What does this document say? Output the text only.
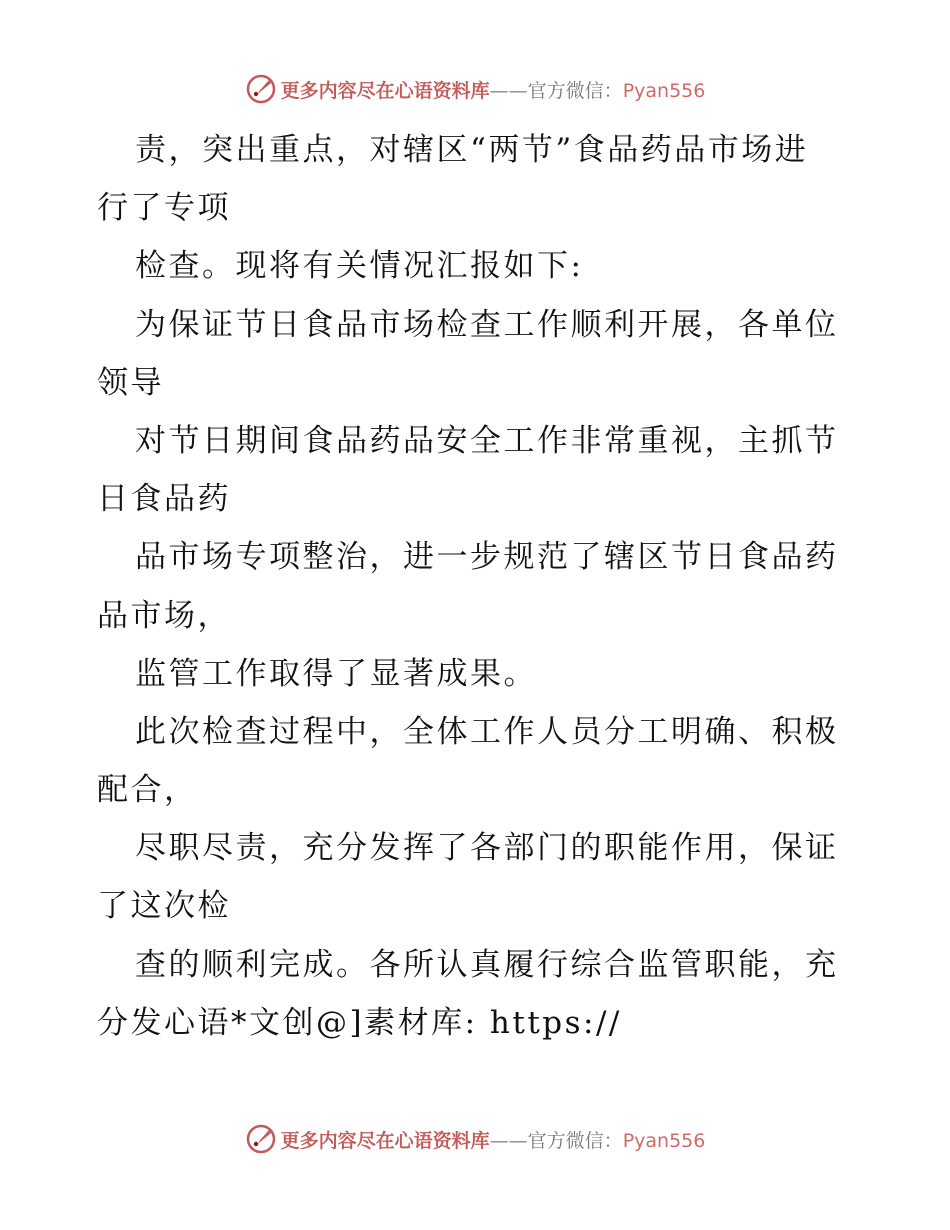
更多内容尽在心语资料库 —— 官方微信： Pyan556
责，突出重点，对辖区“两节”食品药品市场进
行了专项
检查。现将有关情况汇报如下:
为保证节日食品市场检查工作顺利开展，各单位
领导
对节日期间食品药品安全工作非常重视，主抓节
日食品药
品市场专项整治，进一步规范了辖区节日食品药
品市场，
监管工作取得了显著成果。
此次检查过程中，全体工作人员分工明确、积极
配合，
尽职尽责，充分发挥了各部门的职能作用，保证
了这次检
查的顺利完成。各所认真履行综合监管职能，充
分发心语*文创@]素材库: https://
更多内容尽在心语资料库 —— 官方微信： Pyan556
